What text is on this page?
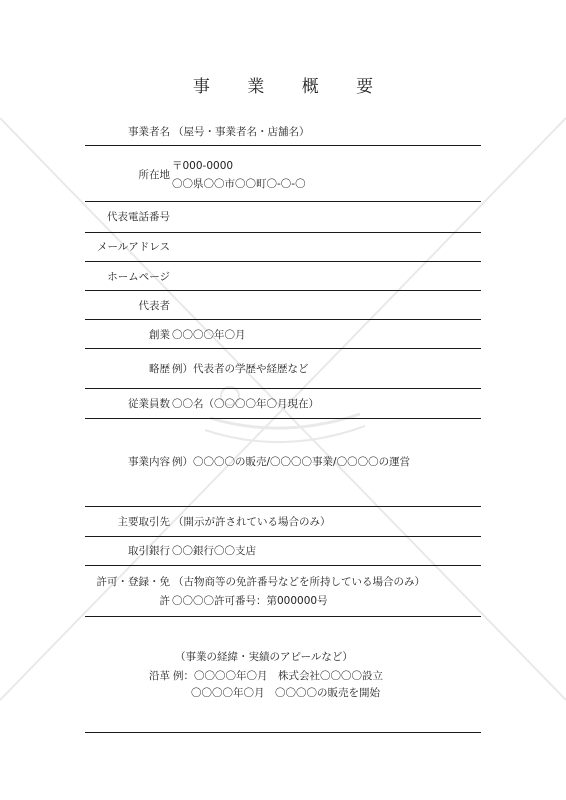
事 業 概 要
事業者名 （屋号・事業者名・店舗名）
所在地
〒000-0000
〇〇県〇〇市〇〇町〇-〇-〇
代表電話番号
メールアドレス
ホームページ
代表者
創業 〇〇〇〇年〇月
略歴 例）代表者の学歴や経歴など
従業員数 〇〇名（〇〇〇〇年〇月現在）
事業内容 例）〇〇〇〇の販売/〇〇〇〇事業/〇〇〇〇の運営
主要取引先 （開示が許されている場合のみ）
取引銀行 〇〇銀行〇〇支店
許可・登録・免 （古物商等の免許番号などを所持している場合のみ）
許 〇〇〇〇許可番号：第000000号
（事業の経緯・実績のアピールなど）
沿革 例：〇〇〇〇年〇月　株式会社〇〇〇〇設立
〇〇〇〇年〇月　〇〇〇〇の販売を開始
